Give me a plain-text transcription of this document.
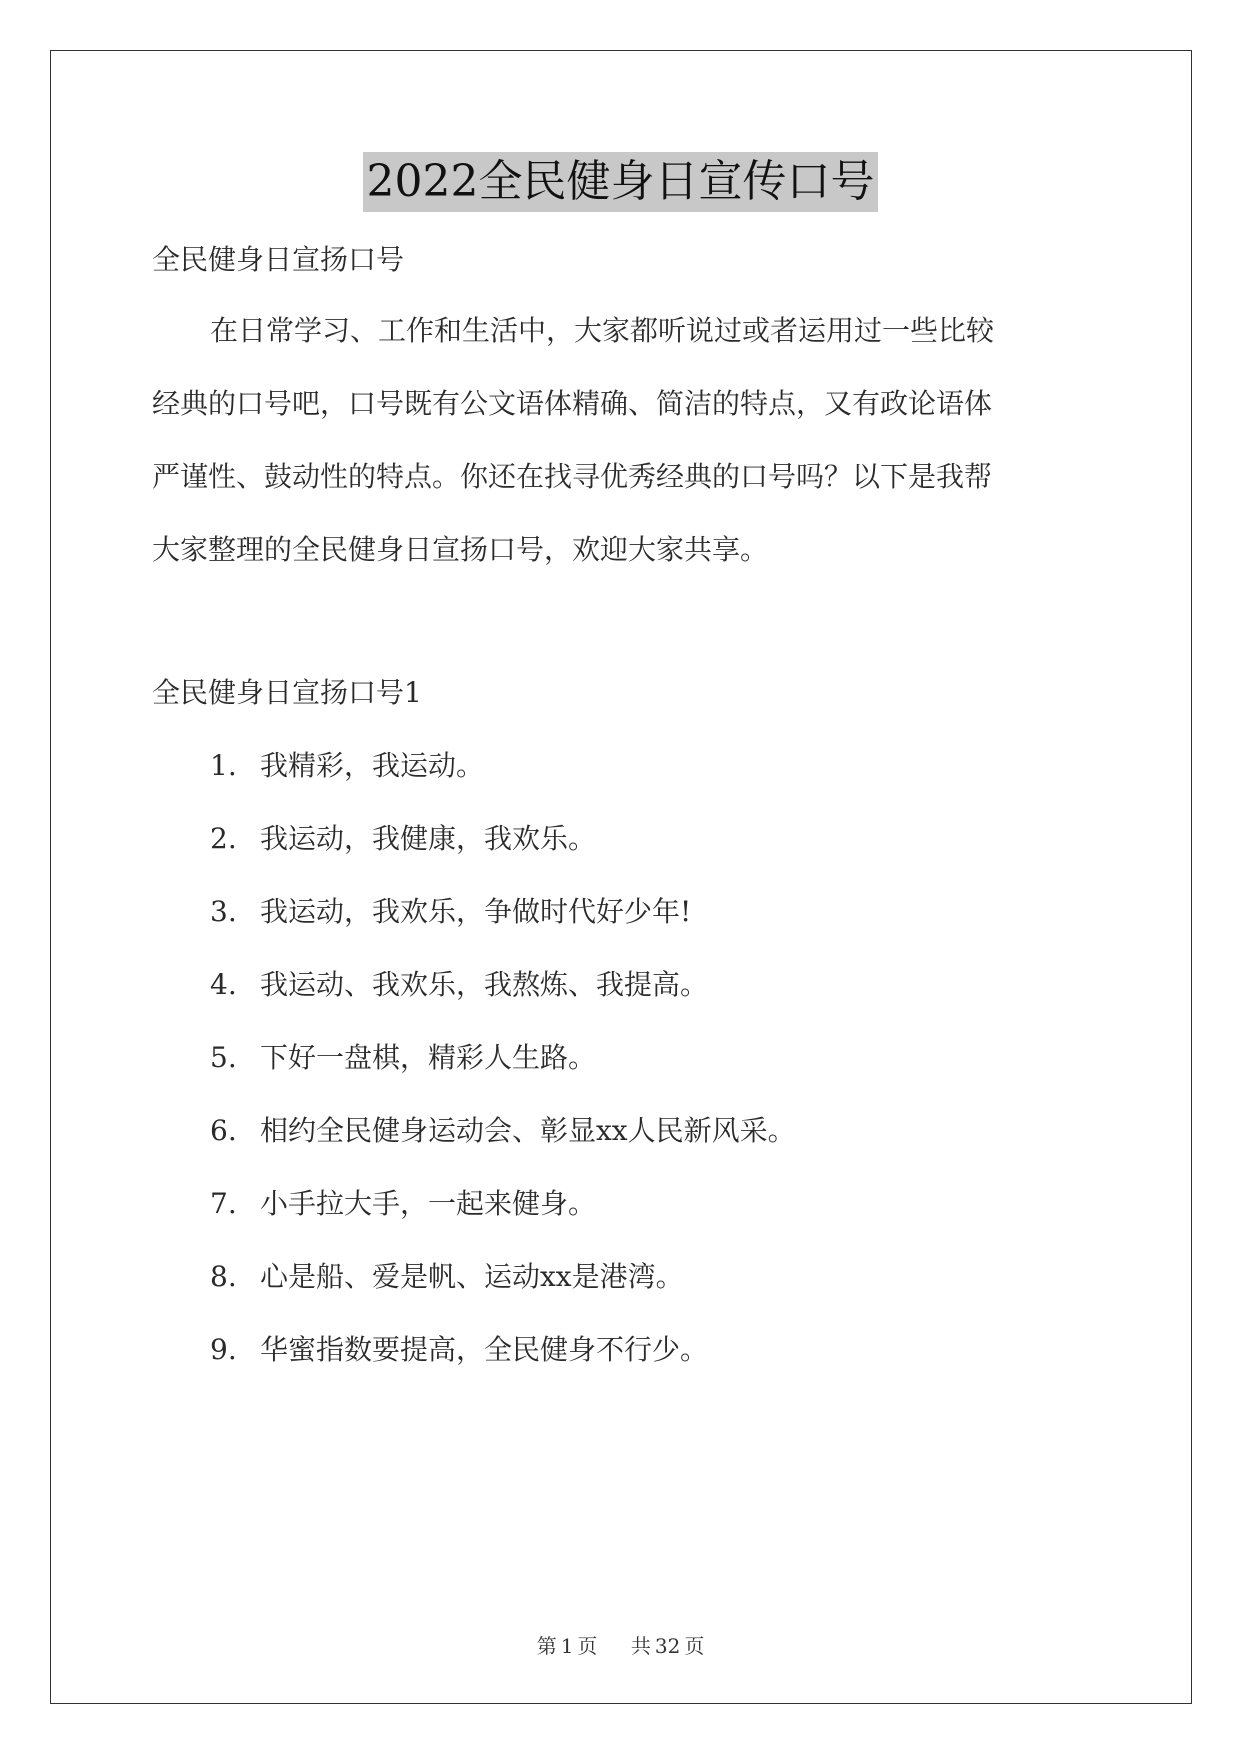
2022全民健身日宣传口号
全民健身日宣扬口号
在日常学习、工作和生活中，大家都听说过或者运用过一些比较
经典的口号吧，口号既有公文语体精确、简洁的特点，又有政论语体
严谨性、鼓动性的特点。你还在找寻优秀经典的口号吗？以下是我帮
大家整理的全民健身日宣扬口号，欢迎大家共享。
全民健身日宣扬口号1
1. 我精彩，我运动。
2. 我运动，我健康，我欢乐。
3. 我运动，我欢乐，争做时代好少年!
4. 我运动、我欢乐，我熬炼、我提高。
5. 下好一盘棋，精彩人生路。
6. 相约全民健身运动会、彰显xx人民新风采。
7. 小手拉大手，一起来健身。
8. 心是船、爱是帆、运动xx是港湾。
9. 华蜜指数要提高，全民健身不行少。
第 1 页 共 32 页
